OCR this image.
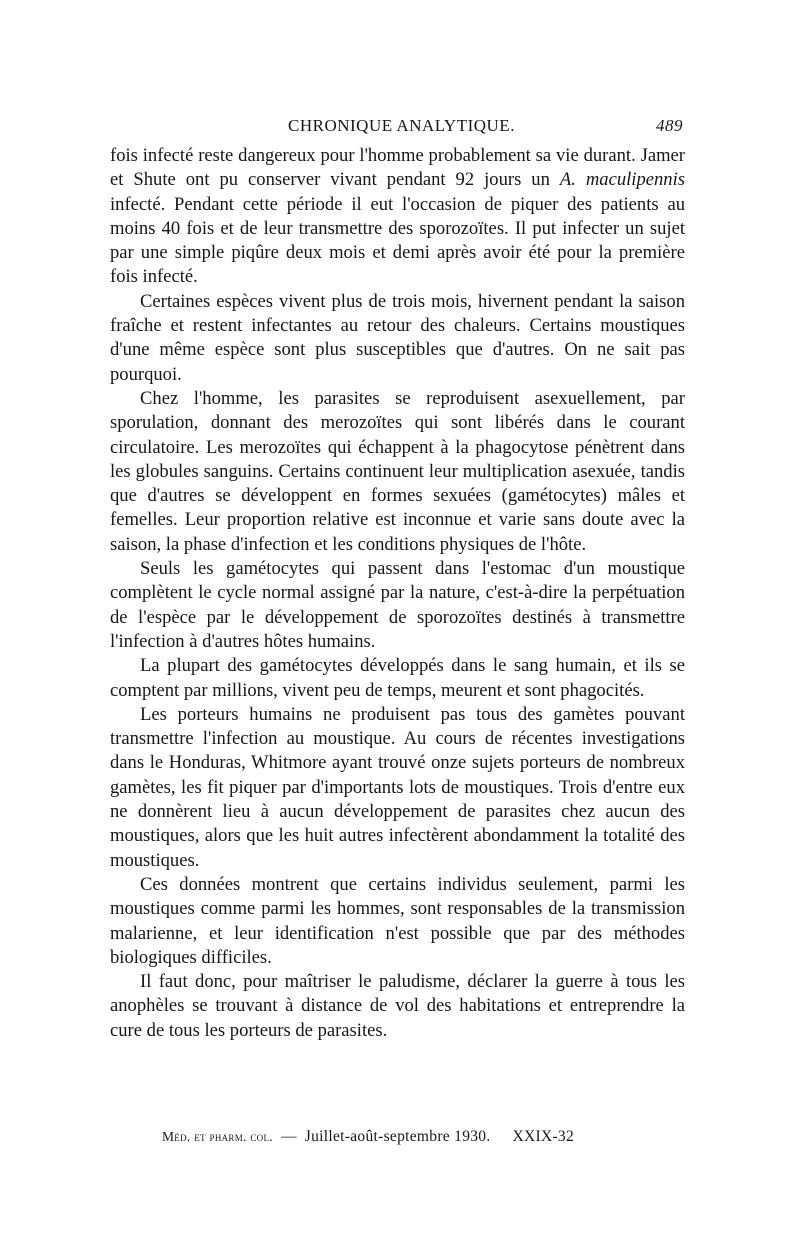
CHRONIQUE ANALYTIQUE.	489

fois infecté reste dangereux pour l'homme probablement sa vie durant. Jamer et Shute ont pu conserver vivant pendant 92 jours un A. maculipennis infecté. Pendant cette période il eut l'occasion de piquer des patients au moins 40 fois et de leur transmettre des sporozoïtes. Il put infecter un sujet par une simple piqûre deux mois et demi après avoir été pour la première fois infecté.

Certaines espèces vivent plus de trois mois, hivernent pendant la saison fraîche et restent infectantes au retour des chaleurs. Certains moustiques d'une même espèce sont plus susceptibles que d'autres. On ne sait pas pourquoi.

Chez l'homme, les parasites se reproduisent asexuellement, par sporulation, donnant des merozoïtes qui sont libérés dans le courant circulatoire. Les merozoïtes qui échappent à la phagocytose pénètrent dans les globules sanguins. Certains continuent leur multiplication asexuée, tandis que d'autres se développent en formes sexuées (gamétocytes) mâles et femelles. Leur proportion relative est inconnue et varie sans doute avec la saison, la phase d'infection et les conditions physiques de l'hôte.

Seuls les gamétocytes qui passent dans l'estomac d'un moustique complètent le cycle normal assigné par la nature, c'est-à-dire la perpétuation de l'espèce par le développement de sporozoïtes destinés à transmettre l'infection à d'autres hôtes humains.

La plupart des gamétocytes développés dans le sang humain, et ils se comptent par millions, vivent peu de temps, meurent et sont phagocités.

Les porteurs humains ne produisent pas tous des gamètes pouvant transmettre l'infection au moustique. Au cours de récentes investigations dans le Honduras, Whitmore ayant trouvé onze sujets porteurs de nombreux gamètes, les fit piquer par d'importants lots de moustiques. Trois d'entre eux ne donnèrent lieu à aucun développement de parasites chez aucun des moustiques, alors que les huit autres infectèrent abondamment la totalité des moustiques.

Ces données montrent que certains individus seulement, parmi les moustiques comme parmi les hommes, sont responsables de la transmission malarienne, et leur identification n'est possible que par des méthodes biologiques difficiles.

Il faut donc, pour maîtriser le paludisme, déclarer la guerre à tous les anophèles se trouvant à distance de vol des habitations et entreprendre la cure de tous les porteurs de parasites.

Méd. et pharm. col. — Juillet-août-septembre 1930. XXIX-32
